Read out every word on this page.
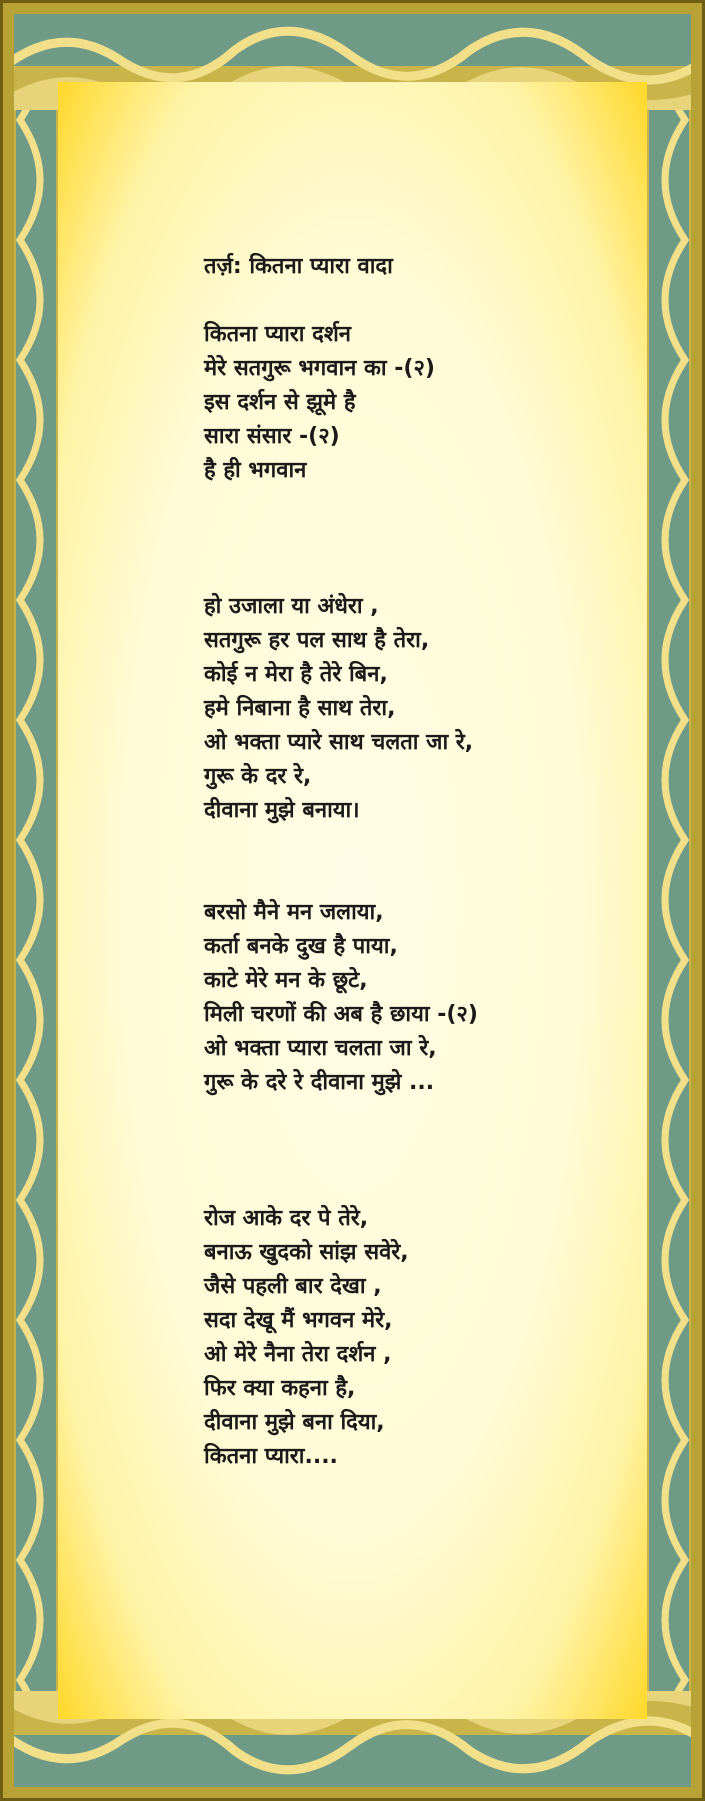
तर्ज़: कितना प्यारा वादा
कितना प्यारा दर्शन
मेरे सतगुरू भगवान का -(२)
इस दर्शन से झूमे है
सारा संसार -(२)
है ही भगवान
हो उजाला या अंधेरा ,
सतगुरू हर पल साथ है तेरा,
कोई न मेरा है तेरे बिन,
हमे निबाना है साथ तेरा,
ओ भक्ता प्यारे साथ चलता जा रे,
गुरू के दर रे,
दीवाना मुझे बनाया।
बरसो मैने मन जलाया,
कर्ता बनके दुख है पाया,
काटे मेरे मन के छूटे,
मिली चरणों की अब है छाया -(२)
ओ भक्ता प्यारा चलता जा रे,
गुरू के दरे रे दीवाना मुझे ...
रोज आके दर पे तेरे,
बनाऊ खुदको सांझ सवेरे,
जैसे पहली बार देखा ,
सदा देखू मैं भगवन मेरे,
ओ मेरे नैना तेरा दर्शन ,
फिर क्या कहना है,
दीवाना मुझे बना दिया,
कितना प्यारा....
